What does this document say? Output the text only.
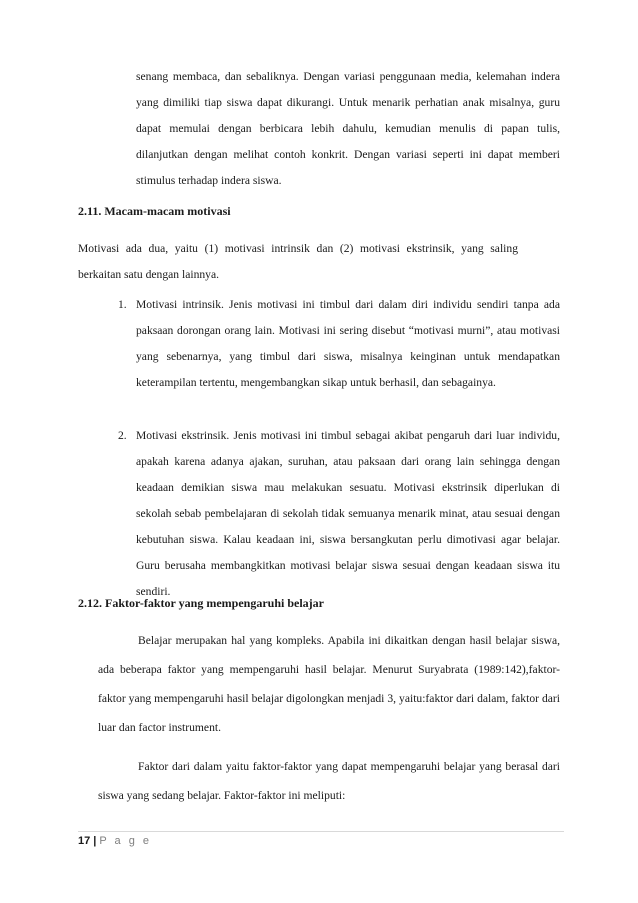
senang membaca, dan sebaliknya. Dengan variasi penggunaan media, kelemahan indera yang dimiliki tiap siswa dapat dikurangi. Untuk menarik perhatian anak misalnya, guru dapat memulai dengan berbicara lebih dahulu, kemudian menulis di papan tulis, dilanjutkan dengan melihat contoh konkrit. Dengan variasi seperti ini dapat memberi stimulus terhadap indera siswa.
2.11. Macam-macam motivasi
Motivasi ada dua, yaitu (1) motivasi intrinsik dan (2) motivasi ekstrinsik, yang saling berkaitan satu dengan lainnya.
1. Motivasi intrinsik. Jenis motivasi ini timbul dari dalam diri individu sendiri tanpa ada paksaan dorongan orang lain. Motivasi ini sering disebut “motivasi murni”, atau motivasi yang sebenarnya, yang timbul dari siswa, misalnya keinginan untuk mendapatkan keterampilan tertentu, mengembangkan sikap untuk berhasil, dan sebagainya.
2. Motivasi ekstrinsik. Jenis motivasi ini timbul sebagai akibat pengaruh dari luar individu, apakah karena adanya ajakan, suruhan, atau paksaan dari orang lain sehingga dengan keadaan demikian siswa mau melakukan sesuatu. Motivasi ekstrinsik diperlukan di sekolah sebab pembelajaran di sekolah tidak semuanya menarik minat, atau sesuai dengan kebutuhan siswa. Kalau keadaan ini, siswa bersangkutan perlu dimotivasi agar belajar. Guru berusaha membangkitkan motivasi belajar siswa sesuai dengan keadaan siswa itu sendiri.
2.12. Faktor-faktor yang mempengaruhi belajar
Belajar merupakan hal yang kompleks. Apabila ini dikaitkan dengan hasil belajar siswa, ada beberapa faktor yang mempengaruhi hasil belajar. Menurut Suryabrata (1989:142),faktor-faktor yang mempengaruhi hasil belajar digolongkan menjadi 3, yaitu:faktor dari dalam, faktor dari luar dan factor instrument.
Faktor dari dalam yaitu faktor-faktor yang dapat mempengaruhi belajar yang berasal dari siswa yang sedang belajar. Faktor-faktor ini meliputi:
17 | P a g e
